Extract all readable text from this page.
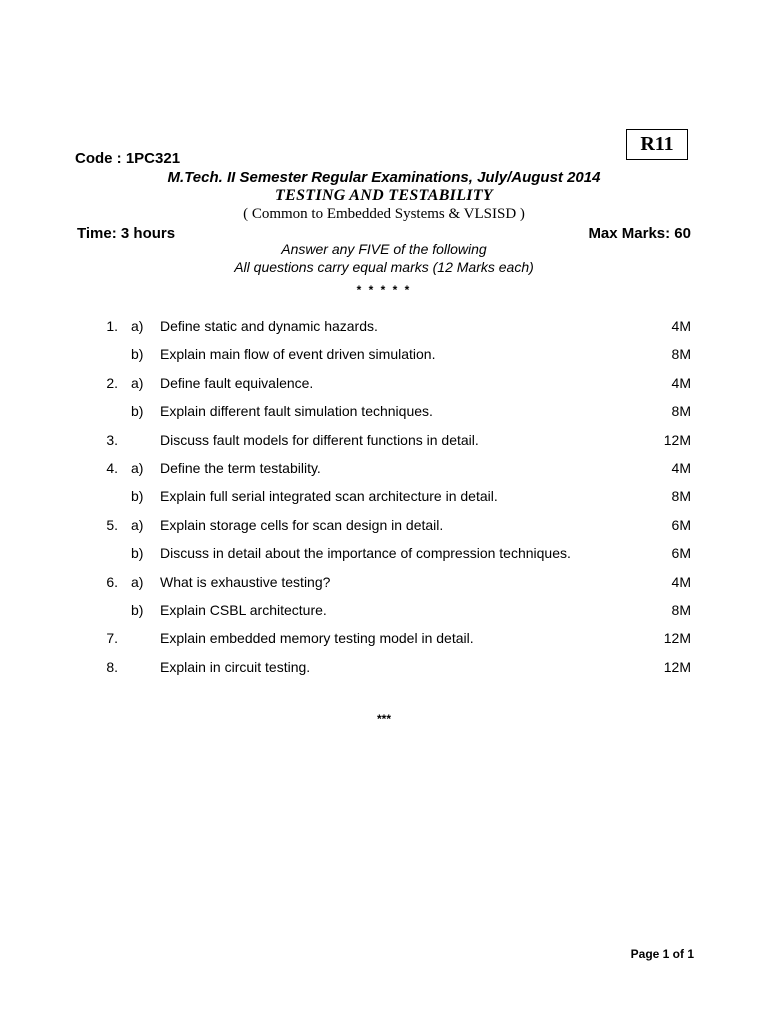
R11
Code : 1PC321
M.Tech. II Semester Regular Examinations, July/August 2014
TESTING AND TESTABILITY
( Common to Embedded Systems & VLSISD )
Time: 3 hours	Max Marks: 60
Answer any FIVE of the following
All questions carry equal marks (12 Marks each)
* * * * *
1. a) Define static and dynamic hazards.	4M
b) Explain main flow of event driven simulation.	8M
2. a) Define fault equivalence.	4M
b) Explain different fault simulation techniques.	8M
3.	Discuss fault models for different functions in detail.	12M
4. a) Define the term testability.	4M
b) Explain full serial integrated scan architecture in detail.	8M
5. a) Explain storage cells for scan design in detail.	6M
b) Discuss in detail about the importance of compression techniques.	6M
6. a) What is exhaustive testing?	4M
b) Explain CSBL architecture.	8M
7.	Explain embedded memory testing model in detail.	12M
8.	Explain in circuit testing.	12M
***
Page 1 of 1
